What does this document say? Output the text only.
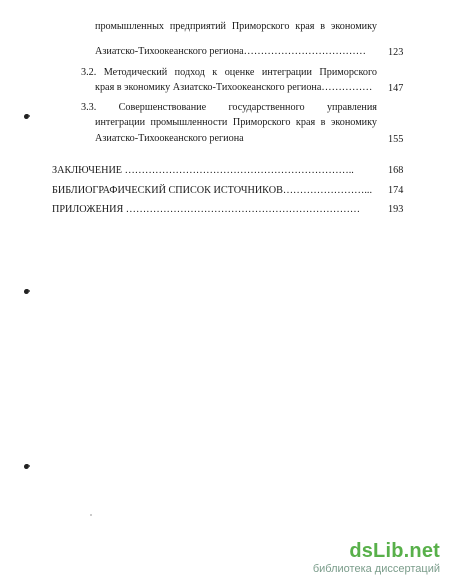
промышленных предприятий Приморского края в экономику
Азиатско-Тихоокеанского региона………………………………	123
3.2. Методический подход к оценке интеграции Приморского
края в экономику Азиатско-Тихоокеанского региона……………	147
3.3. Совершенствование государственного управления
интеграции промышленности Приморского края в экономику
Азиатско-Тихоокеанского региона	155
ЗАКЛЮЧЕНИЕ …………………………………………………………..	168
БИБЛИОГРАФИЧЕСКИЙ СПИСОК ИСТОЧНИКОВ……………………...	174
ПРИЛОЖЕНИЯ ……………………………………………………………	193
dsLib.net
библиотека диссертаций
